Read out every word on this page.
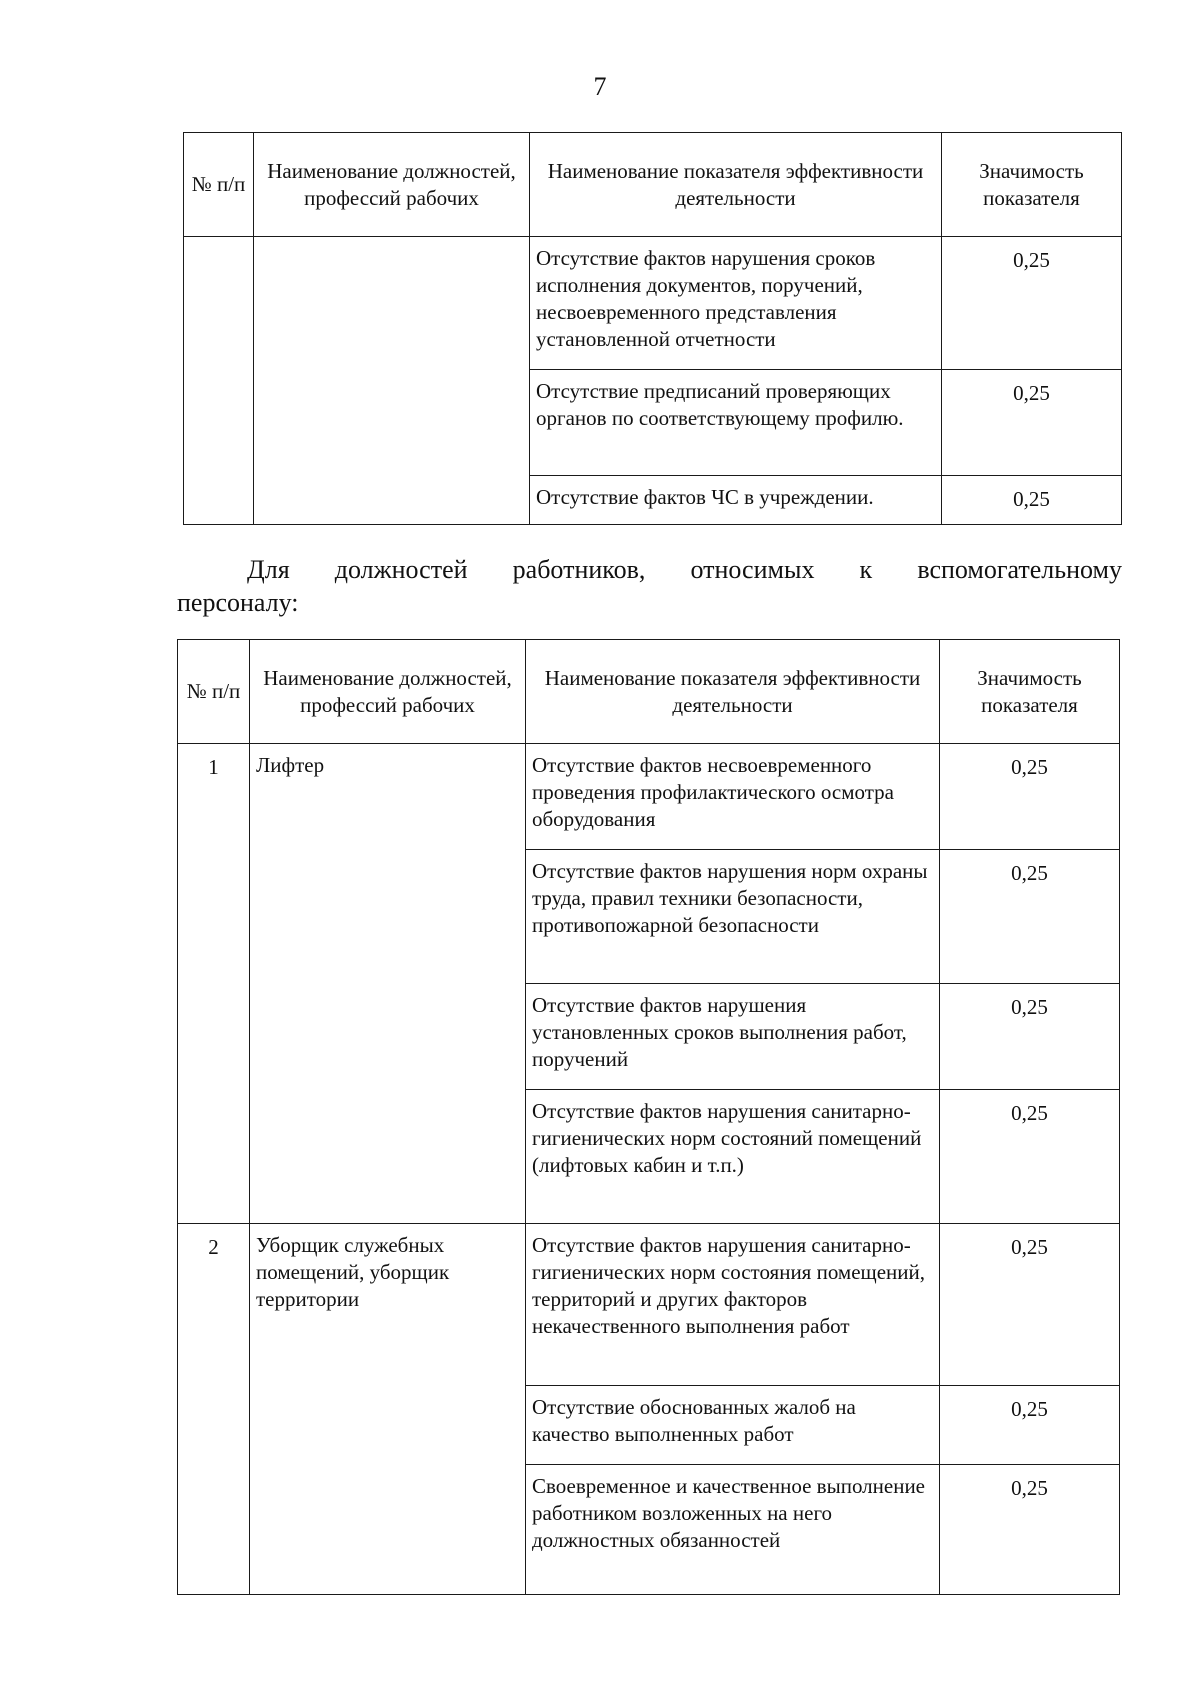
7
№ п/п	Наименование должностей, профессий рабочих	Наименование показателя эффективности деятельности	Значимость показателя
		Отсутствие фактов нарушения сроков исполнения документов, поручений, несвоевременного представления установленной отчетности	0,25
		Отсутствие предписаний проверяющих органов по соответствующему профилю.	0,25
		Отсутствие фактов ЧС в учреждении.	0,25
Для должностей работников, относимых к вспомогательному
персоналу:
№ п/п	Наименование должностей, профессий рабочих	Наименование показателя эффективности деятельности	Значимость показателя
1	Лифтер	Отсутствие фактов несвоевременного проведения профилактического осмотра оборудования	0,25
		Отсутствие фактов нарушения норм охраны труда, правил техники безопасности, противопожарной безопасности	0,25
		Отсутствие фактов нарушения установленных сроков выполнения работ, поручений	0,25
		Отсутствие фактов нарушения санитарно-гигиенических норм состояний помещений (лифтовых кабин и т.п.)	0,25
2	Уборщик служебных помещений, уборщик территории	Отсутствие фактов нарушения санитарно-гигиенических норм состояния помещений, территорий и других факторов некачественного выполнения работ	0,25
		Отсутствие обоснованных жалоб на качество выполненных работ	0,25
		Своевременное и качественное выполнение работником возложенных на него должностных обязанностей	0,25
